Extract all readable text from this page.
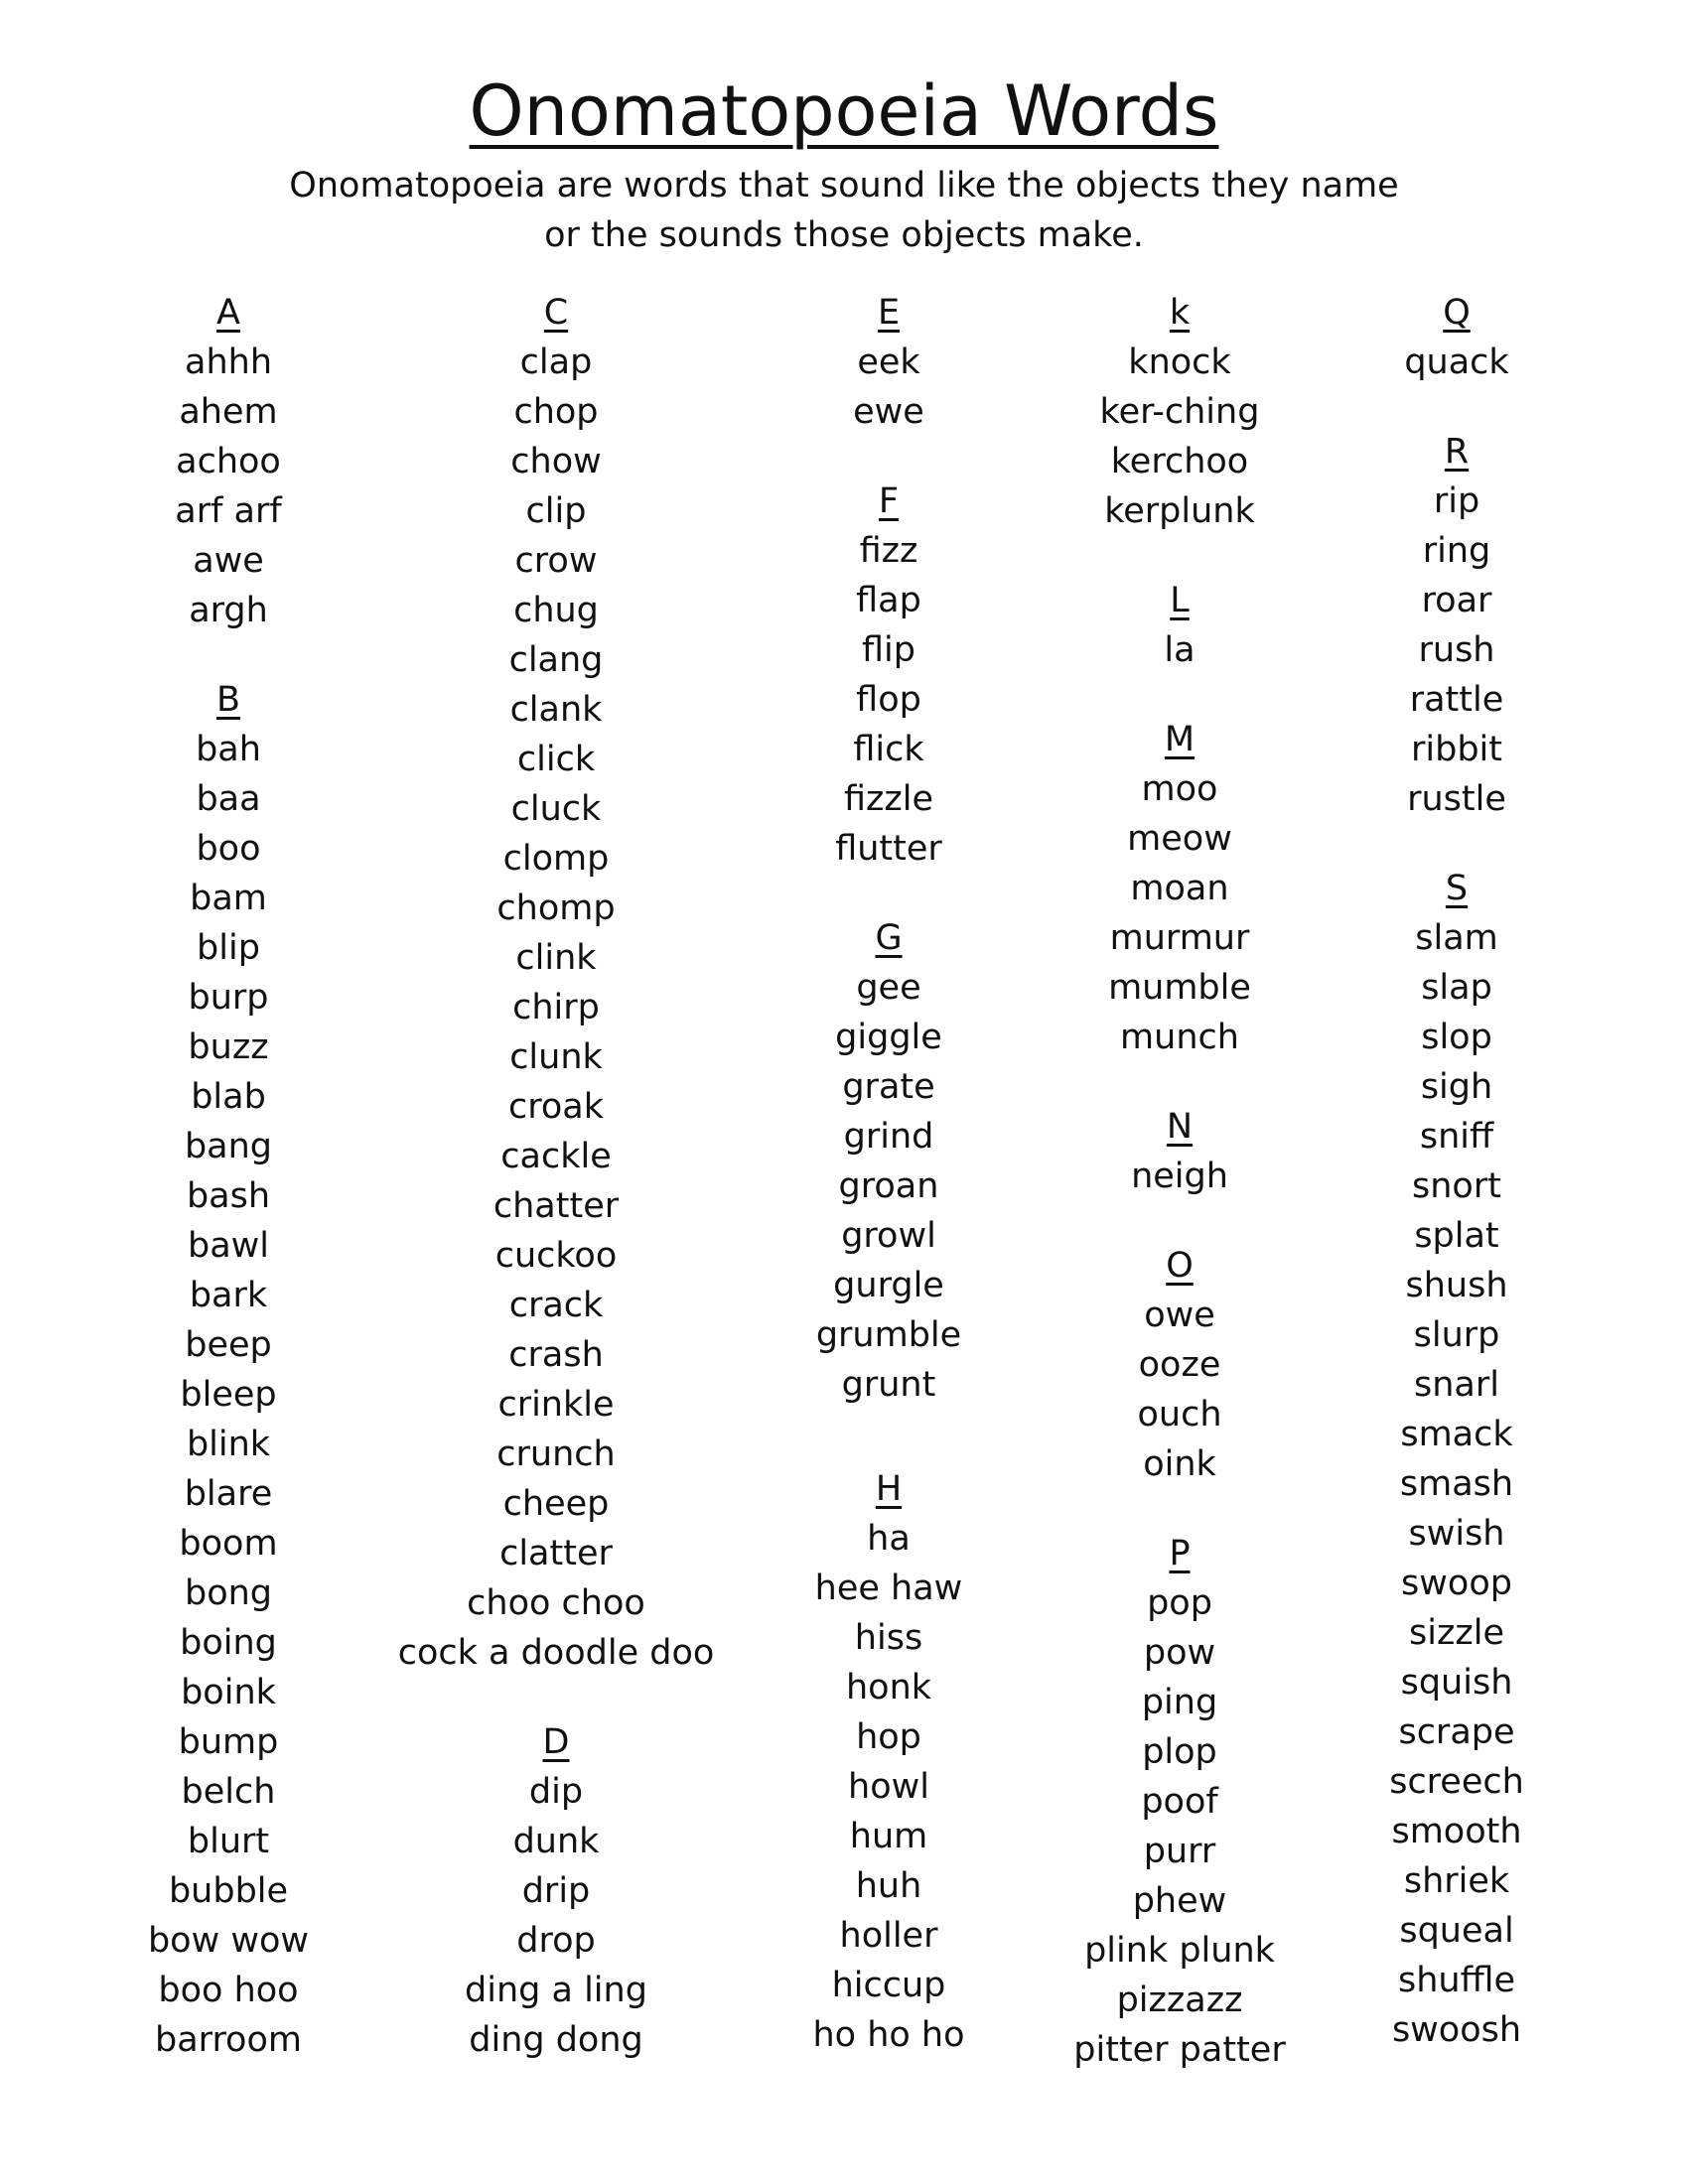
Onomatopoeia Words
Onomatopoeia are words that sound like the objects they name
or the sounds those objects make.
A
ahhh
ahem
achoo
arf arf
awe
argh
B
bah
baa
boo
bam
blip
burp
buzz
blab
bang
bash
bawl
bark
beep
bleep
blink
blare
boom
bong
boing
boink
bump
belch
blurt
bubble
bow wow
boo hoo
barroom
C
clap
chop
chow
clip
crow
chug
clang
clank
click
cluck
clomp
chomp
clink
chirp
clunk
croak
cackle
chatter
cuckoo
crack
crash
crinkle
crunch
cheep
clatter
choo choo
cock a doodle doo
D
dip
dunk
drip
drop
ding a ling
ding dong
E
eek
ewe
F
fizz
flap
flip
flop
flick
fizzle
flutter
G
gee
giggle
grate
grind
groan
growl
gurgle
grumble
grunt
H
ha
hee haw
hiss
honk
hop
howl
hum
huh
holler
hiccup
ho ho ho
k
knock
ker-ching
kerchoo
kerplunk
L
la
M
moo
meow
moan
murmur
mumble
munch
N
neigh
O
owe
ooze
ouch
oink
P
pop
pow
ping
plop
poof
purr
phew
plink plunk
pizzazz
pitter patter
Q
quack
R
rip
ring
roar
rush
rattle
ribbit
rustle
S
slam
slap
slop
sigh
sniff
snort
splat
shush
slurp
snarl
smack
smash
swish
swoop
sizzle
squish
scrape
screech
smooth
shriek
squeal
shuffle
swoosh
